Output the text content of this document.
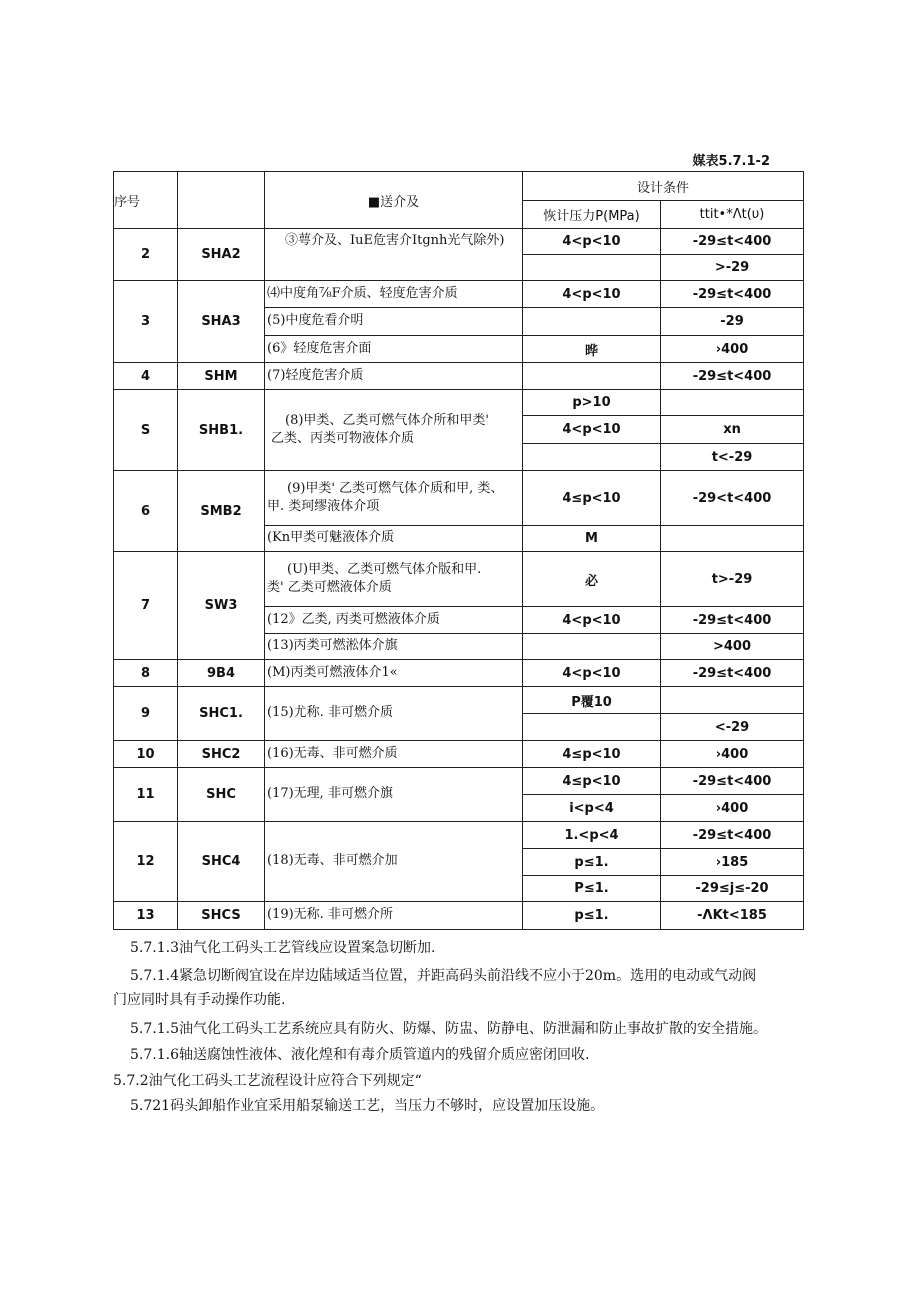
媒表5.7.1-2
序号		■送介及	设计条件	
			恢计压力P(MPa)	ttit•*Λt(υ)
2	SHA2	③萼介及、IuE危害介Itgnh光气除外)	4<p<10	-29≤t<400
				>-29
3	SHA3	⑷中度角⅞F介质、轻度危害介质	4<p<10	-29≤t<400
		(5)中度危看介明		-29
		(6》轻度危害介面	晔	›400
4	SHM	(7)轻度危害介质		-29≤t<400
S	SHB1.	(8)甲类、乙类可燃气体介所和甲类'
乙类、丙类可物液体介质	p>10	
			4<p<10	xn
				t<-29
6	SMB2	(9)甲类' 乙类可燃气体介质和甲, 类、
甲. 类珂缪液体介项	4≤p<10	-29<t<400
		(Kn甲类可魅液体介质	M	
7	SW3	(U)甲类、乙类可燃气体介版和甲.
类' 乙类可燃液体介质	必	t>-29
		(12》乙类, 丙类可燃液体介质	4<p<10	-29≤t<400
		(13)丙类可燃淞体介旗		>400
8	9B4	(M)丙类可燃液体介1«	4<p<10	-29≤t<400
9	SHC1.	(15)尤称. 非可燃介质	P覆10	
				<-29
10	SHC2	(16)无毒、非可燃介质	4≤p<10	›400
11	SHC	(17)无理, 非可燃介旗	4≤p<10	-29≤t<400
			i<p<4	›400
12	SHC4	(18)无毒、非可燃介加	1.<p<4	-29≤t<400
			p≤1.	›185
			P≤1.	-29≤j≤-20
13	SHCS	(19)无称. 非可燃介所	p≤1.	-ΛKt<185
5.7.1.3油气化工码头工艺管线应设置案急切断加.
5.7.1.4紧急切断阀宜设在岸边陆域适当位置，并距高码头前沿线不应小于20m。选用的电动或气动阀
门应同时具有手动操作功能.
5.7.1.5油气化工码头工艺系统应具有防火、防爆、防盅、防静电、防泄漏和防止事故扩散的安全措施。
5.7.1.6轴送腐蚀性液体、液化煌和有毒介质管道内的残留介质应密闭回收.
5.7.2油气化工码头工艺流程设计应符合下列规定“
5.721码头卸船作业宜采用船泵输送工艺，当压力不够时，应设置加压设施。
